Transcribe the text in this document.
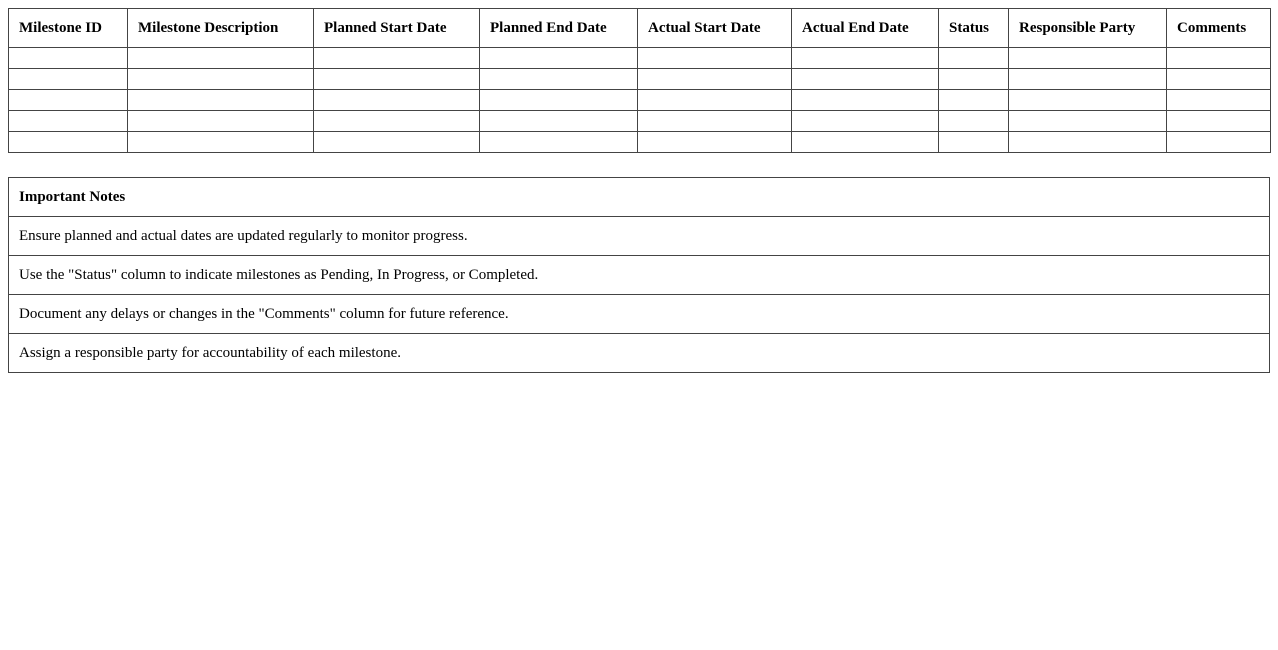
Milestone ID	Milestone Description	Planned Start Date	Planned End Date	Actual Start Date	Actual End Date	Status	Responsible Party	Comments

Important Notes
Ensure planned and actual dates are updated regularly to monitor progress.
Use the "Status" column to indicate milestones as Pending, In Progress, or Completed.
Document any delays or changes in the "Comments" column for future reference.
Assign a responsible party for accountability of each milestone.
